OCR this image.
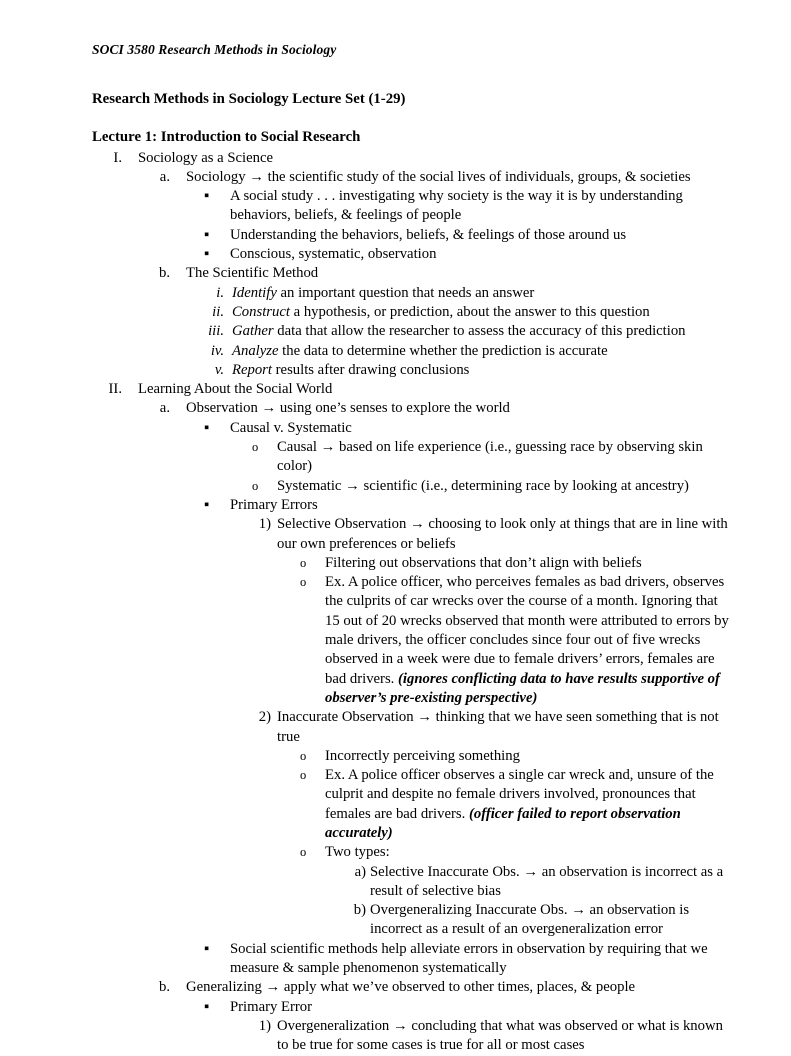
SOCI 3580 Research Methods in Sociology
Research Methods in Sociology Lecture Set (1-29)
Lecture 1: Introduction to Social Research
I. Sociology as a Science
a. Sociology → the scientific study of the social lives of individuals, groups, & societies
▪	A social study . . . investigating why society is the way it is by understanding behaviors, beliefs, & feelings of people
▪	Understanding the behaviors, beliefs, & feelings of those around us
▪	Conscious, systematic, observation
b. The Scientific Method
i. Identify an important question that needs an answer
ii. Construct a hypothesis, or prediction, about the answer to this question
iii. Gather data that allow the researcher to assess the accuracy of this prediction
iv. Analyze the data to determine whether the prediction is accurate
v. Report results after drawing conclusions
II. Learning About the Social World
a. Observation → using one’s senses to explore the world
▪	Causal v. Systematic
o	Causal → based on life experience (i.e., guessing race by observing skin color)
o	Systematic → scientific (i.e., determining race by looking at ancestry)
▪	Primary Errors
1) Selective Observation → choosing to look only at things that are in line with our own preferences or beliefs
o	Filtering out observations that don’t align with beliefs
o	Ex. A police officer, who perceives females as bad drivers, observes the culprits of car wrecks over the course of a month. Ignoring that 15 out of 20 wrecks observed that month were attributed to errors by male drivers, the officer concludes since four out of five wrecks observed in a week were due to female drivers’ errors, females are bad drivers. (ignores conflicting data to have results supportive of observer’s pre-existing perspective)
2) Inaccurate Observation → thinking that we have seen something that is not true
o	Incorrectly perceiving something
o	Ex. A police officer observes a single car wreck and, unsure of the culprit and despite no female drivers involved, pronounces that females are bad drivers. (officer failed to report observation accurately)
o	Two types:
a) Selective Inaccurate Obs. → an observation is incorrect as a result of selective bias
b) Overgeneralizing Inaccurate Obs. → an observation is incorrect as a result of an overgeneralization error
▪	Social scientific methods help alleviate errors in observation by requiring that we measure & sample phenomenon systematically
b. Generalizing → apply what we’ve observed to other times, places, & people
▪	Primary Error
1) Overgeneralization → concluding that what was observed or what is known to be true for some cases is true for all or most cases
